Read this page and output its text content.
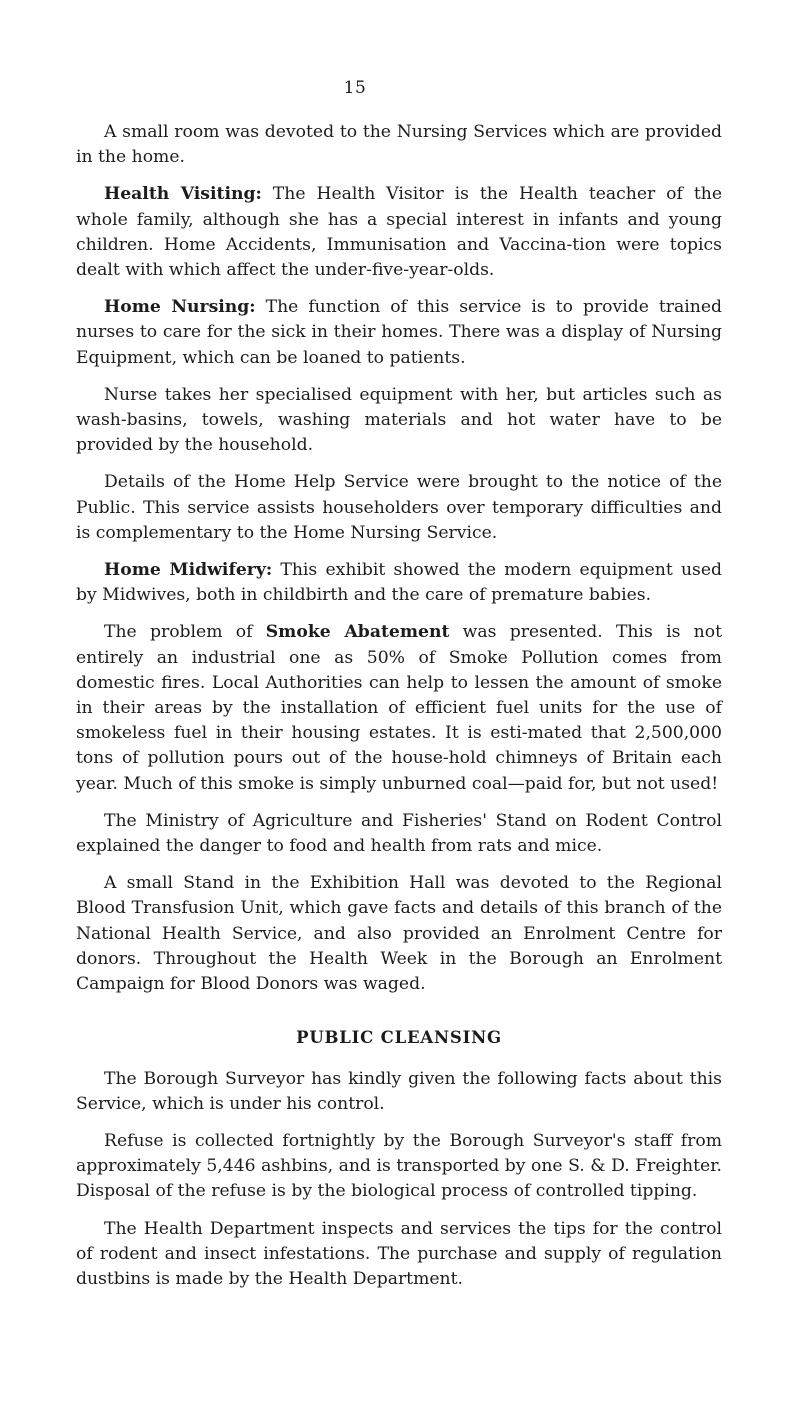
15

A small room was devoted to the Nursing Services which are provided in the home.

Health Visiting: The Health Visitor is the Health teacher of the whole family, although she has a special interest in infants and young children. Home Accidents, Immunisation and Vaccina-tion were topics dealt with which affect the under-five-year-olds.

Home Nursing: The function of this service is to provide trained nurses to care for the sick in their homes. There was a display of Nursing Equipment, which can be loaned to patients.

Nurse takes her specialised equipment with her, but articles such as wash-basins, towels, washing materials and hot water have to be provided by the household.

Details of the Home Help Service were brought to the notice of the Public. This service assists householders over temporary difficulties and is complementary to the Home Nursing Service.

Home Midwifery: This exhibit showed the modern equipment used by Midwives, both in childbirth and the care of premature babies.

The problem of Smoke Abatement was presented. This is not entirely an industrial one as 50% of Smoke Pollution comes from domestic fires. Local Authorities can help to lessen the amount of smoke in their areas by the installation of efficient fuel units for the use of smokeless fuel in their housing estates. It is esti-mated that 2,500,000 tons of pollution pours out of the house-hold chimneys of Britain each year. Much of this smoke is simply unburned coal—paid for, but not used!

The Ministry of Agriculture and Fisheries' Stand on Rodent Control explained the danger to food and health from rats and mice.

A small Stand in the Exhibition Hall was devoted to the Regional Blood Transfusion Unit, which gave facts and details of this branch of the National Health Service, and also provided an Enrolment Centre for donors. Throughout the Health Week in the Borough an Enrolment Campaign for Blood Donors was waged.

PUBLIC CLEANSING

The Borough Surveyor has kindly given the following facts about this Service, which is under his control.

Refuse is collected fortnightly by the Borough Surveyor's staff from approximately 5,446 ashbins, and is transported by one S. & D. Freighter. Disposal of the refuse is by the biological process of controlled tipping.

The Health Department inspects and services the tips for the control of rodent and insect infestations. The purchase and supply of regulation dustbins is made by the Health Department.
